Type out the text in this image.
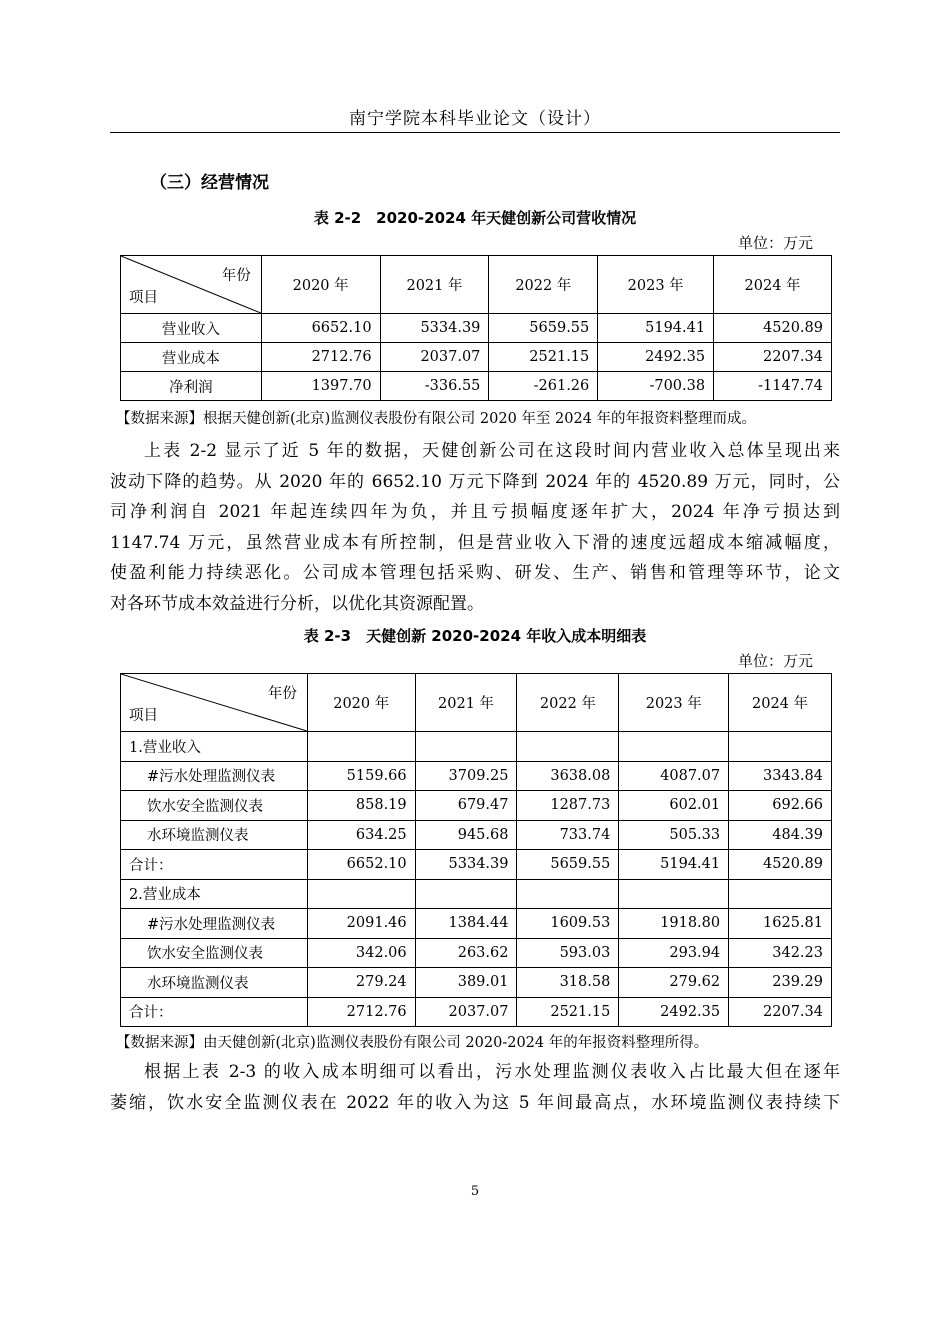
南宁学院本科毕业论文（设计）
（三）经营情况
表 2-2　2020-2024 年天健创新公司营收情况
单位：万元
年份
项目	2020 年	2021 年	2022 年	2023 年	2024 年
营业收入	6652.10	5334.39	5659.55	5194.41	4520.89
营业成本	2712.76	2037.07	2521.15	2492.35	2207.34
净利润	1397.70	-336.55	-261.26	-700.38	-1147.74
【数据来源】根据天健创新(北京)监测仪表股份有限公司 2020 年至 2024 年的年报资料整理而成。
上表 2-2 显示了近 5 年的数据，天健创新公司在这段时间内营业收入总体呈现出来
波动下降的趋势。从 2020 年的 6652.10 万元下降到 2024 年的 4520.89 万元，同时，公
司净利润自 2021 年起连续四年为负，并且亏损幅度逐年扩大，2024 年净亏损达到
1147.74 万元，虽然营业成本有所控制，但是营业收入下滑的速度远超成本缩减幅度，
使盈利能力持续恶化。公司成本管理包括采购、研发、生产、销售和管理等环节，论文
对各环节成本效益进行分析，以优化其资源配置。
表 2-3　天健创新 2020-2024 年收入成本明细表
单位：万元
年份
项目	2020 年	2021 年	2022 年	2023 年	2024 年
1.营业收入					
#污水处理监测仪表	5159.66	3709.25	3638.08	4087.07	3343.84
饮水安全监测仪表	858.19	679.47	1287.73	602.01	692.66
水环境监测仪表	634.25	945.68	733.74	505.33	484.39
合计：	6652.10	5334.39	5659.55	5194.41	4520.89
2.营业成本					
#污水处理监测仪表	2091.46	1384.44	1609.53	1918.80	1625.81
饮水安全监测仪表	342.06	263.62	593.03	293.94	342.23
水环境监测仪表	279.24	389.01	318.58	279.62	239.29
合计：	2712.76	2037.07	2521.15	2492.35	2207.34
【数据来源】由天健创新(北京)监测仪表股份有限公司 2020-2024 年的年报资料整理所得。
根据上表 2-3 的收入成本明细可以看出，污水处理监测仪表收入占比最大但在逐年
萎缩，饮水安全监测仪表在 2022 年的收入为这 5 年间最高点，水环境监测仪表持续下
5
